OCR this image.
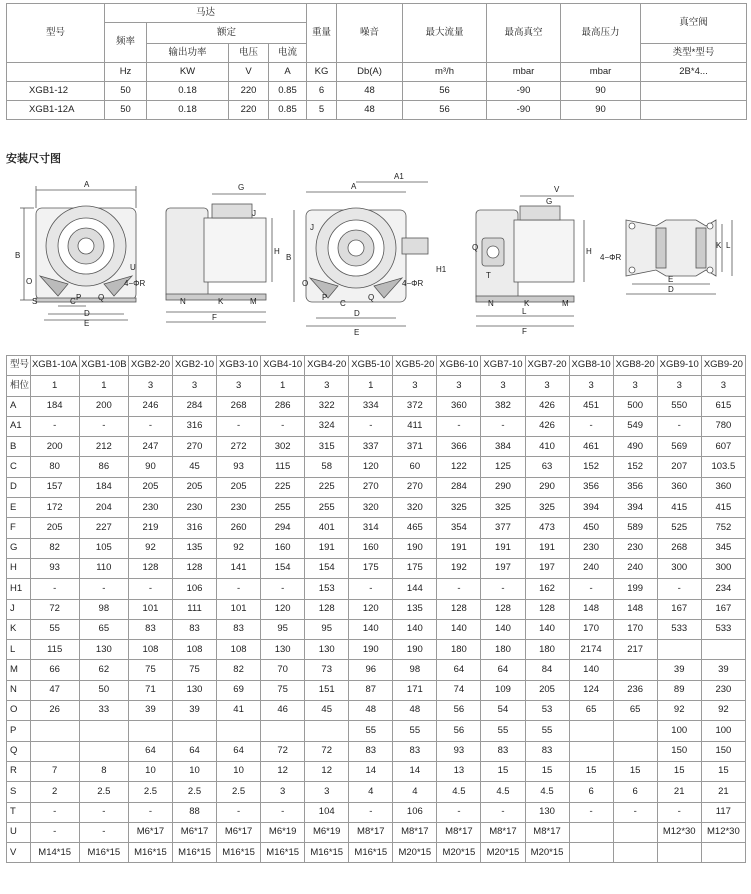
型号	马达				重量	噪音	最大流量	最高真空	最高压力	真空阀
	频率	额定								
		输出功率	电压	电流						类型*型号
	Hz	KW	V	A	KG	Db(A)	m³/h	mbar	mbar	2B*4...
XGB1-12	50	0.18	220	0.85	6	48	56	-90	90	
XGB1-12A	50	0.18	220	0.85	5	48	56	-90	90	
安装尺寸图
A
B
C P Q
O
S
D
E
U
4−ΦR
G
J
H
N	K	M
F
A
A1
B
J
C
Q
O
P
D
E
4−ΦR
V
G
Q
T
H1
H
N	K	M
L
F
4−ΦR
K L
E
D
型号	XGB1-10A	XGB1-10B	XGB2-20	XGB2-10	XGB3-10	XGB4-10	XGB4-20	XGB5-10	XGB5-20	XGB6-10	XGB7-10	XGB7-20	XGB8-10	XGB8-20	XGB9-10	XGB9-20
相位	1	1	3	3	3	1	3	1	3	3	3	3	3	3	3	3
A	184	200	246	284	268	286	322	334	372	360	382	426	451	500	550	615
A1	-	-	-	316	-	-	324	-	411	-	-	426	-	549	-	780
B	200	212	247	270	272	302	315	337	371	366	384	410	461	490	569	607
C	80	86	90	45	93	115	58	120	60	122	125	63	152	152	207	103.5
D	157	184	205	205	205	225	225	270	270	284	290	290	356	356	360	360
E	172	204	230	230	230	255	255	320	320	325	325	325	394	394	415	415
F	205	227	219	316	260	294	401	314	465	354	377	473	450	589	525	752
G	82	105	92	135	92	160	191	160	190	191	191	191	230	230	268	345
H	93	110	128	128	141	154	154	175	175	192	197	197	240	240	300	300
H1	-	-	-	106	-	-	153	-	144	-	-	162	-	199	-	234
J	72	98	101	111	101	120	128	120	135	128	128	128	148	148	167	167
K	55	65	83	83	83	95	95	140	140	140	140	140	170	170	533	533
L	115	130	108	108	108	130	130	190	190	180	180	180	2174	217		
M	66	62	75	75	82	70	73	96	98	64	64	84	140		39	39
N	47	50	71	130	69	75	151	87	171	74	109	205	124	236	89	230
O	26	33	39	39	41	46	45	48	48	56	54	53	65	65	92	92
P								55	55	56	55	55			100	100
Q			64	64	64	72	72	83	83	93	83	83			150	150
R	7	8	10	10	10	12	12	14	14	13	15	15	15	15	15	15
S	2	2.5	2.5	2.5	2.5	3	3	4	4	4.5	4.5	4.5	6	6	21	21
T	-	-	-	88	-	-	104	-	106	-	-	130	-	-	-	117
U	-	-	M6*17	M6*17	M6*17	M6*19	M6*19	M8*17	M8*17	M8*17	M8*17	M8*17			M12*30	M12*30
V	M14*15	M16*15	M16*15	M16*15	M16*15	M16*15	M16*15	M16*15	M20*15	M20*15	M20*15	M20*15				
